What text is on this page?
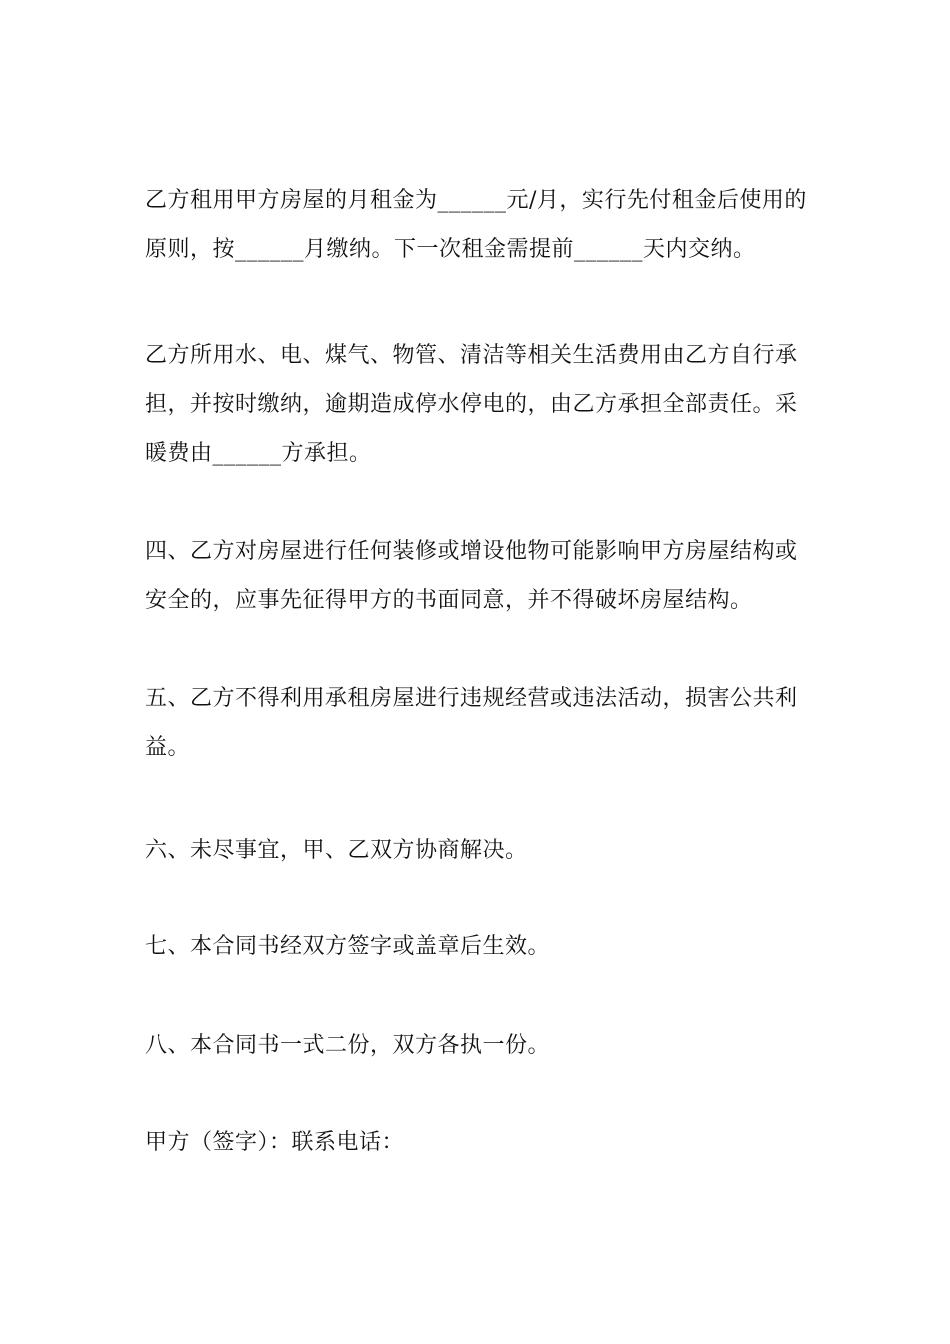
乙方租用甲方房屋的月租金为______元/月，实行先付租金后使用的
原则，按______月缴纳。下一次租金需提前______天内交纳。

乙方所用水、电、煤气、物管、清洁等相关生活费用由乙方自行承
担，并按时缴纳，逾期造成停水停电的，由乙方承担全部责任。采
暖费由______方承担。

四、乙方对房屋进行任何装修或增设他物可能影响甲方房屋结构或
安全的，应事先征得甲方的书面同意，并不得破坏房屋结构。

五、乙方不得利用承租房屋进行违规经营或违法活动，损害公共利
益。

六、未尽事宜，甲、乙双方协商解决。

七、本合同书经双方签字或盖章后生效。

八、本合同书一式二份，双方各执一份。

甲方（签字）：联系电话：
